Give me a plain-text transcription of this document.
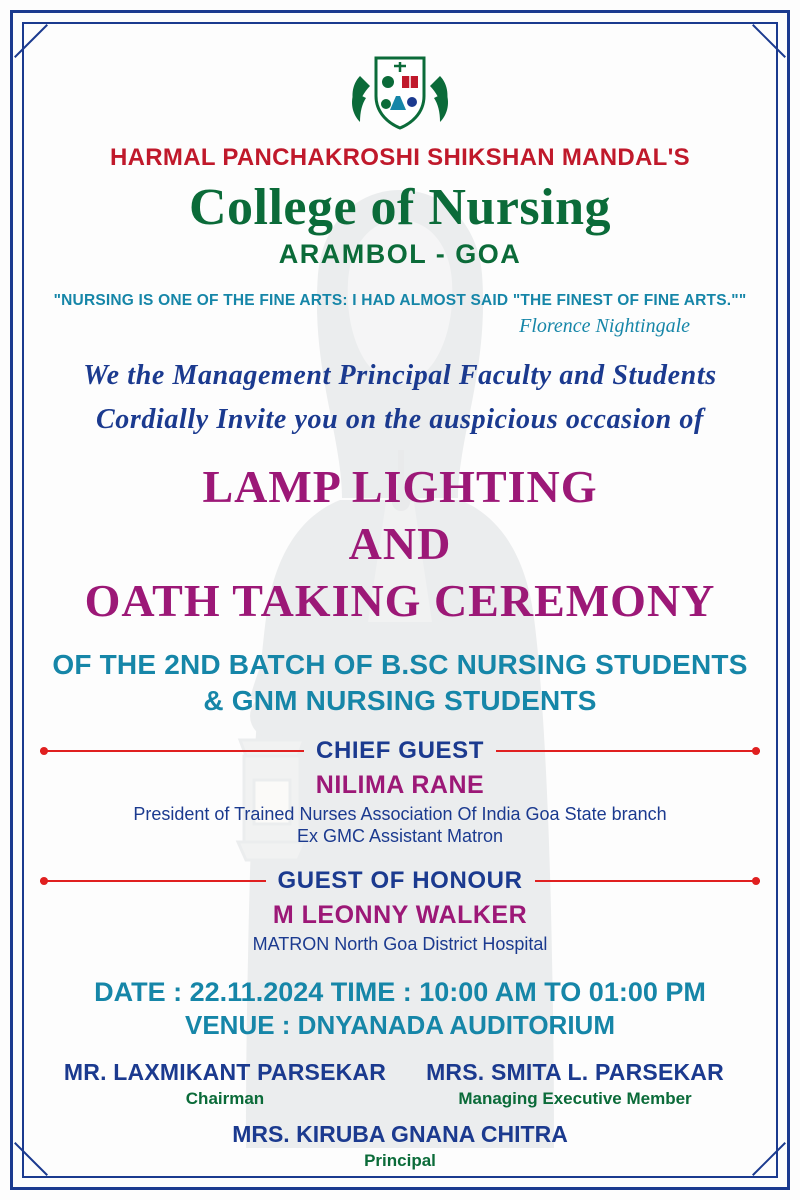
HARMAL PANCHAKROSHI SHIKSHAN MANDAL'S
College of Nursing
ARAMBOL - GOA
"NURSING IS ONE OF THE FINE ARTS: I HAD ALMOST SAID "THE FINEST OF FINE ARTS.""
Florence Nightingale
We the Management Principal Faculty and Students
Cordially Invite you on the auspicious occasion of
LAMP LIGHTING
AND
OATH TAKING CEREMONY
OF THE 2ND BATCH OF B.SC NURSING STUDENTS
& GNM NURSING STUDENTS
CHIEF GUEST
NILIMA RANE
President of Trained Nurses Association Of India Goa State branch
Ex GMC Assistant Matron
GUEST OF HONOUR
M LEONNY WALKER
MATRON North Goa District Hospital
DATE : 22.11.2024 TIME : 10:00 AM TO 01:00 PM
VENUE : DNYANADA AUDITORIUM
MR. LAXMIKANT PARSEKAR
Chairman
MRS. SMITA L. PARSEKAR
Managing Executive Member
MRS. KIRUBA GNANA CHITRA
Principal
